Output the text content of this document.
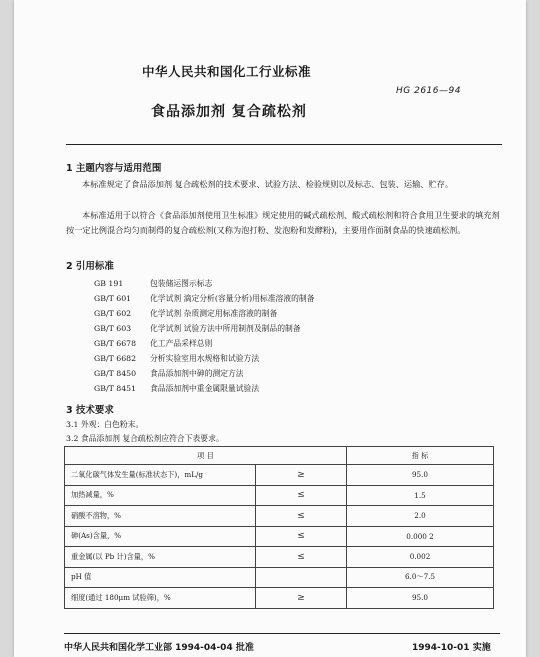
中华人民共和国化工行业标准
HG 2616—94
食品添加剂 复合疏松剂
1 主题内容与适用范围
本标准规定了食品添加剂 复合疏松剂的技术要求、试验方法、检验规则以及标志、包装、运输、贮存。
本标准适用于以符合《食品添加剂使用卫生标准》规定使用的碱式疏松剂、酸式疏松剂和符合食用卫生要求的填充剂按一定比例混合均匀而制得的复合疏松剂(又称为泡打粉、发泡粉和发酵粉)，主要用作面制食品的快速疏松剂。
2 引用标准
GB 191	包装储运图示标志
GB/T 601 化学试剂 滴定分析(容量分析)用标准溶液的制备
GB/T 602 化学试剂 杂质测定用标准溶液的制备
GB/T 603 化学试剂 试验方法中所用制剂及制品的制备
GB/T 6678 化工产品采样总则
GB/T 6682 分析实验室用水规格和试验方法
GB/T 8450 食品添加剂中砷的测定方法
GB/T 8451 食品添加剂中重金属限量试验法
3 技术要求
3.1 外观：白色粉末。
3.2 食品添加剂 复合疏松剂应符合下表要求。
项 目		指 标
二氧化碳气体发生量(标准状态下)，mL/g	≥	95.0
加热减量，%	≤	1.5
硝酸不溶物，%	≤	2.0
砷(As)含量，%	≤	0.000 2
重金属(以 Pb 计)含量，%	≤	0.002
pH 值		6.0～7.5
细度(通过 180μm 试验筛)，%	≥	95.0
中华人民共和国化学工业部 1994-04-04 批准	1994-10-01 实施
